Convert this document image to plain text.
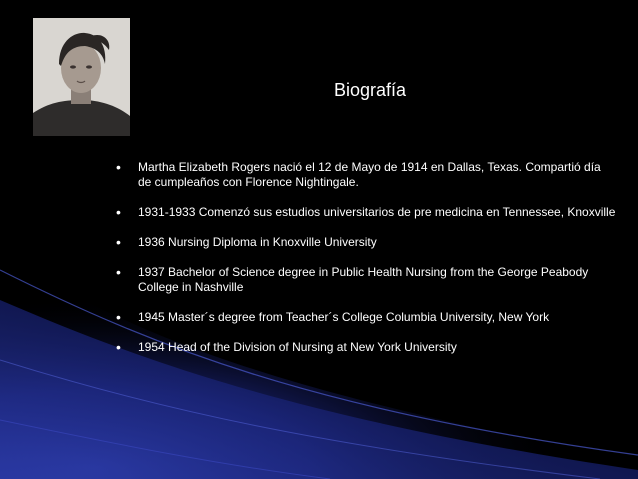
Biografía
• Martha Elizabeth Rogers nació el 12 de Mayo de 1914 en Dallas, Texas. Compartió día de cumpleaños con Florence Nightingale.
• 1931-1933 Comenzó sus estudios universitarios de pre medicina en Tennessee, Knoxville
• 1936 Nursing Diploma in Knoxville University
• 1937 Bachelor of Science degree in Public Health Nursing from the George Peabody College in Nashville
• 1945 Master´s degree from Teacher´s College Columbia University, New York
• 1954 Head of the Division of Nursing at New York University
